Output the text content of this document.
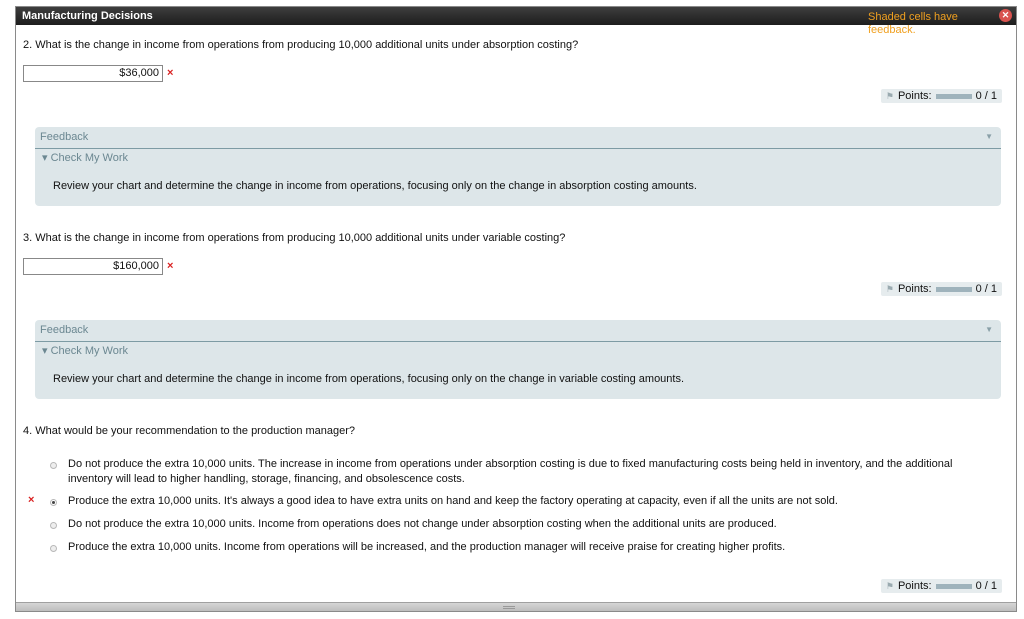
Manufacturing Decisions	✕
Shaded cells have feedback.
2. What is the change in income from operations from producing 10,000 additional units under absorption costing?
$36,000 ×
⚑ Points:	0 / 1
Feedback	▼
▾ Check My Work
Review your chart and determine the change in income from operations, focusing only on the change in absorption costing amounts.
3. What is the change in income from operations from producing 10,000 additional units under variable costing?
$160,000 ×
⚑ Points:	0 / 1
Feedback	▼
▾ Check My Work
Review your chart and determine the change in income from operations, focusing only on the change in variable costing amounts.
4. What would be your recommendation to the production manager?
Do not produce the extra 10,000 units. The increase in income from operations under absorption costing is due to fixed manufacturing costs being held in inventory, and the additional inventory will lead to higher handling, storage, financing, and obsolescence costs.
×	Produce the extra 10,000 units. It's always a good idea to have extra units on hand and keep the factory operating at capacity, even if all the units are not sold.
Do not produce the extra 10,000 units. Income from operations does not change under absorption costing when the additional units are produced.
Produce the extra 10,000 units. Income from operations will be increased, and the production manager will receive praise for creating higher profits.
⚑ Points:	0 / 1
